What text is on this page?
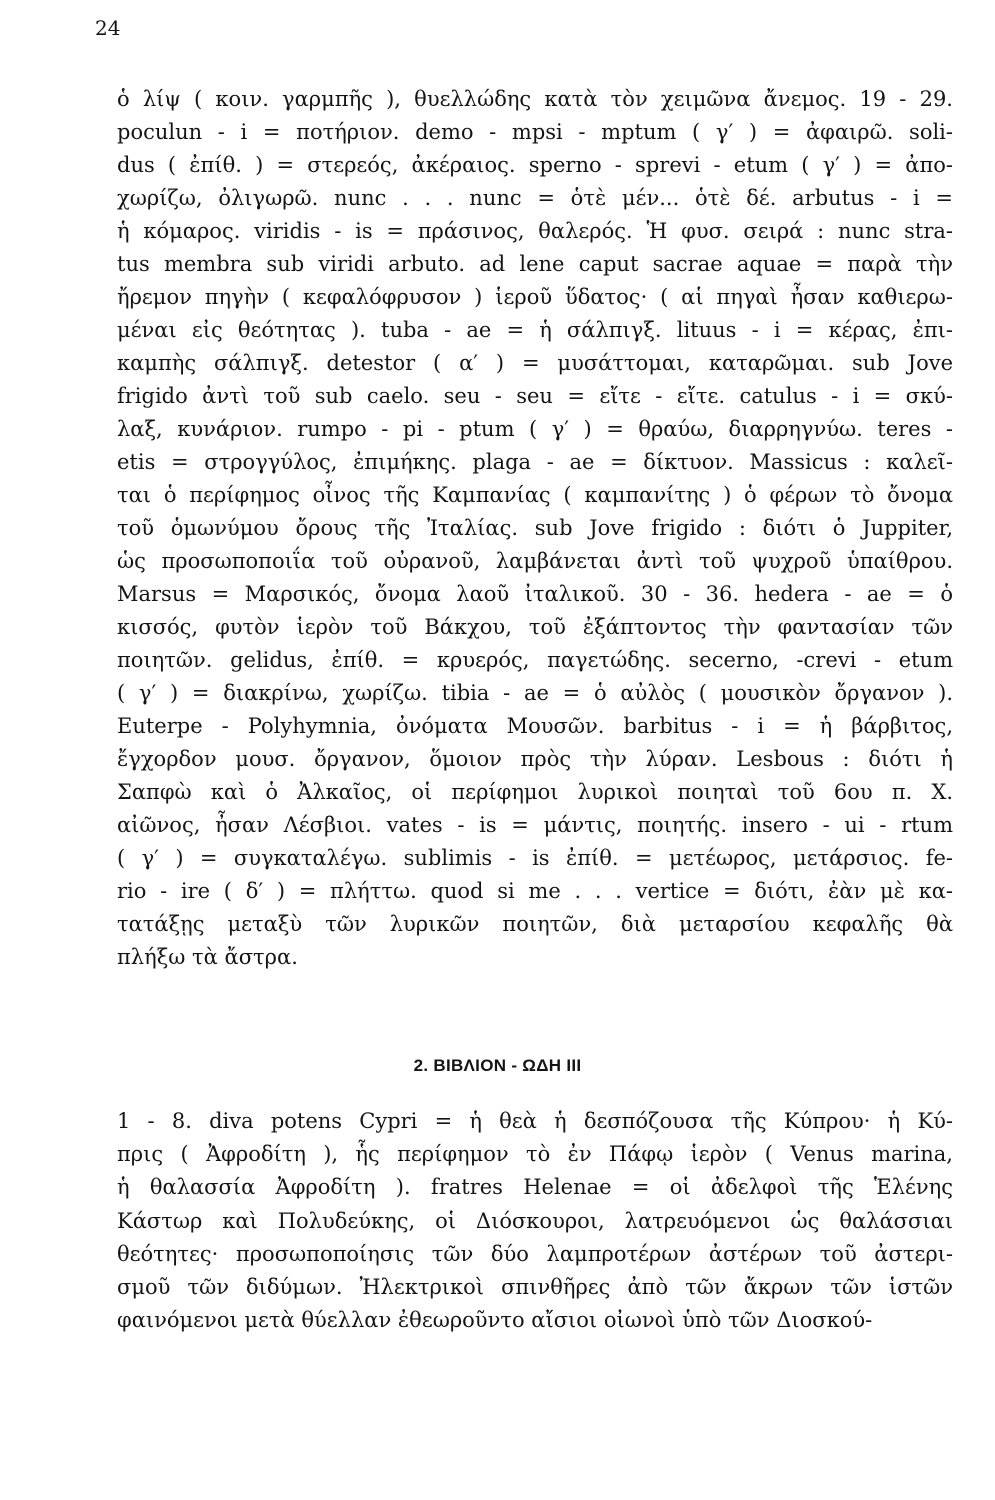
24
ὁ λίψ ( κοιν. γαρμπῆς ), θυελλώδης κατὰ τὸν χειμῶνα ἄνεμος. 19 - 29.
poculun - i = ποτήριον. demo - mpsi - mptum ( γ′ ) = ἀφαιρῶ. soli-
dus ( ἐπίθ. ) = στερεός, ἀκέραιος. sperno - sprevi - etum ( γ′ ) = ἀπο-
χωρίζω, ὀλιγωρῶ. nunc . . . nunc = ὁτὲ μέν... ὁτὲ δέ. arbutus - i =
ἡ κόμαρος. viridis - is = πράσινος, θαλερός. Ἡ φυσ. σειρά : nunc stra-
tus membra sub viridi arbuto. ad lene caput sacrae aquae = παρὰ τὴν
ἤρεμον πηγὴν ( κεφαλόφρυσον ) ἱεροῦ ὕδατος· ( αἱ πηγαὶ ἦσαν καθιερω-
μέναι εἰς θεότητας ). tuba - ae = ἡ σάλπιγξ. lituus - i = κέρας, ἐπι-
καμπὴς σάλπιγξ. detestor ( α′ ) = μυσάττομαι, καταρῶμαι. sub Jove
frigido ἀντὶ τοῦ sub caelo. seu - seu = εἴτε - εἴτε. catulus - i = σκύ-
λαξ, κυνάριον. rumpo - pi - ptum ( γ′ ) = θραύω, διαρρηγνύω. teres -
etis = στρογγύλος, ἐπιμήκης. plaga - ae = δίκτυον. Massicus : καλεῖ-
ται ὁ περίφημος οἶνος τῆς Καμπανίας ( καμπανίτης ) ὁ φέρων τὸ ὄνομα
τοῦ ὁμωνύμου ὄρους τῆς Ἰταλίας. sub Jove frigido : διότι ὁ Juppiter,
ὡς προσωποποιΐα τοῦ οὐρανοῦ, λαμβάνεται ἀντὶ τοῦ ψυχροῦ ὑπαίθρου.
Marsus = Μαρσικός, ὄνομα λαοῦ ἰταλικοῦ. 30 - 36. hedera - ae = ὁ
κισσός, φυτὸν ἱερὸν τοῦ Βάκχου, τοῦ ἐξάπτοντος τὴν φαντασίαν τῶν
ποιητῶν. gelidus, ἐπίθ. = κρυερός, παγετώδης. secerno, -crevi - etum
( γ′ ) = διακρίνω, χωρίζω. tibia - ae = ὁ αὐλὸς ( μουσικὸν ὄργανον ).
Euterpe - Polyhymnia, ὀνόματα Μουσῶν. barbitus - i = ἡ βάρβιτος,
ἔγχορδον μουσ. ὄργανον, ὅμοιον πρὸς τὴν λύραν. Lesbous : διότι ἡ
Σαπφὼ καὶ ὁ Ἀλκαῖος, οἱ περίφημοι λυρικοὶ ποιηταὶ τοῦ 6ου π. Χ.
αἰῶνος, ἦσαν Λέσβιοι. vates - is = μάντις, ποιητής. insero - ui - rtum
( γ′ ) = συγκαταλέγω. sublimis - is ἐπίθ. = μετέωρος, μετάρσιος. fe-
rio - ire ( δ′ ) = πλήττω. quod si me . . . vertice = διότι, ἐὰν μὲ κα-
τατάξῃς μεταξὺ τῶν λυρικῶν ποιητῶν, διὰ μεταρσίου κεφαλῆς θὰ
πλήξω τὰ ἄστρα.
2. ΒΙΒΛΙΟΝ - ΩΔΗ III
1 - 8. diva potens Cypri = ἡ θεὰ ἡ δεσπόζουσα τῆς Κύπρου· ἡ Κύ-
πρις ( Ἀφροδίτη ), ἧς περίφημον τὸ ἐν Πάφῳ ἱερὸν ( Venus marina,
ἡ θαλασσία Ἀφροδίτη ). fratres Helenae = οἱ ἀδελφοὶ τῆς Ἑλένης
Κάστωρ καὶ Πολυδεύκης, οἱ Διόσκουροι, λατρευόμενοι ὡς θαλάσσιαι
θεότητες· προσωποποίησις τῶν δύο λαμπροτέρων ἀστέρων τοῦ ἀστερι-
σμοῦ τῶν διδύμων. Ἠλεκτρικοὶ σπινθῆρες ἀπὸ τῶν ἄκρων τῶν ἱστῶν
φαινόμενοι μετὰ θύελλαν ἐθεωροῦντο αἴσιοι οἰωνοὶ ὑπὸ τῶν Διοσκού-
